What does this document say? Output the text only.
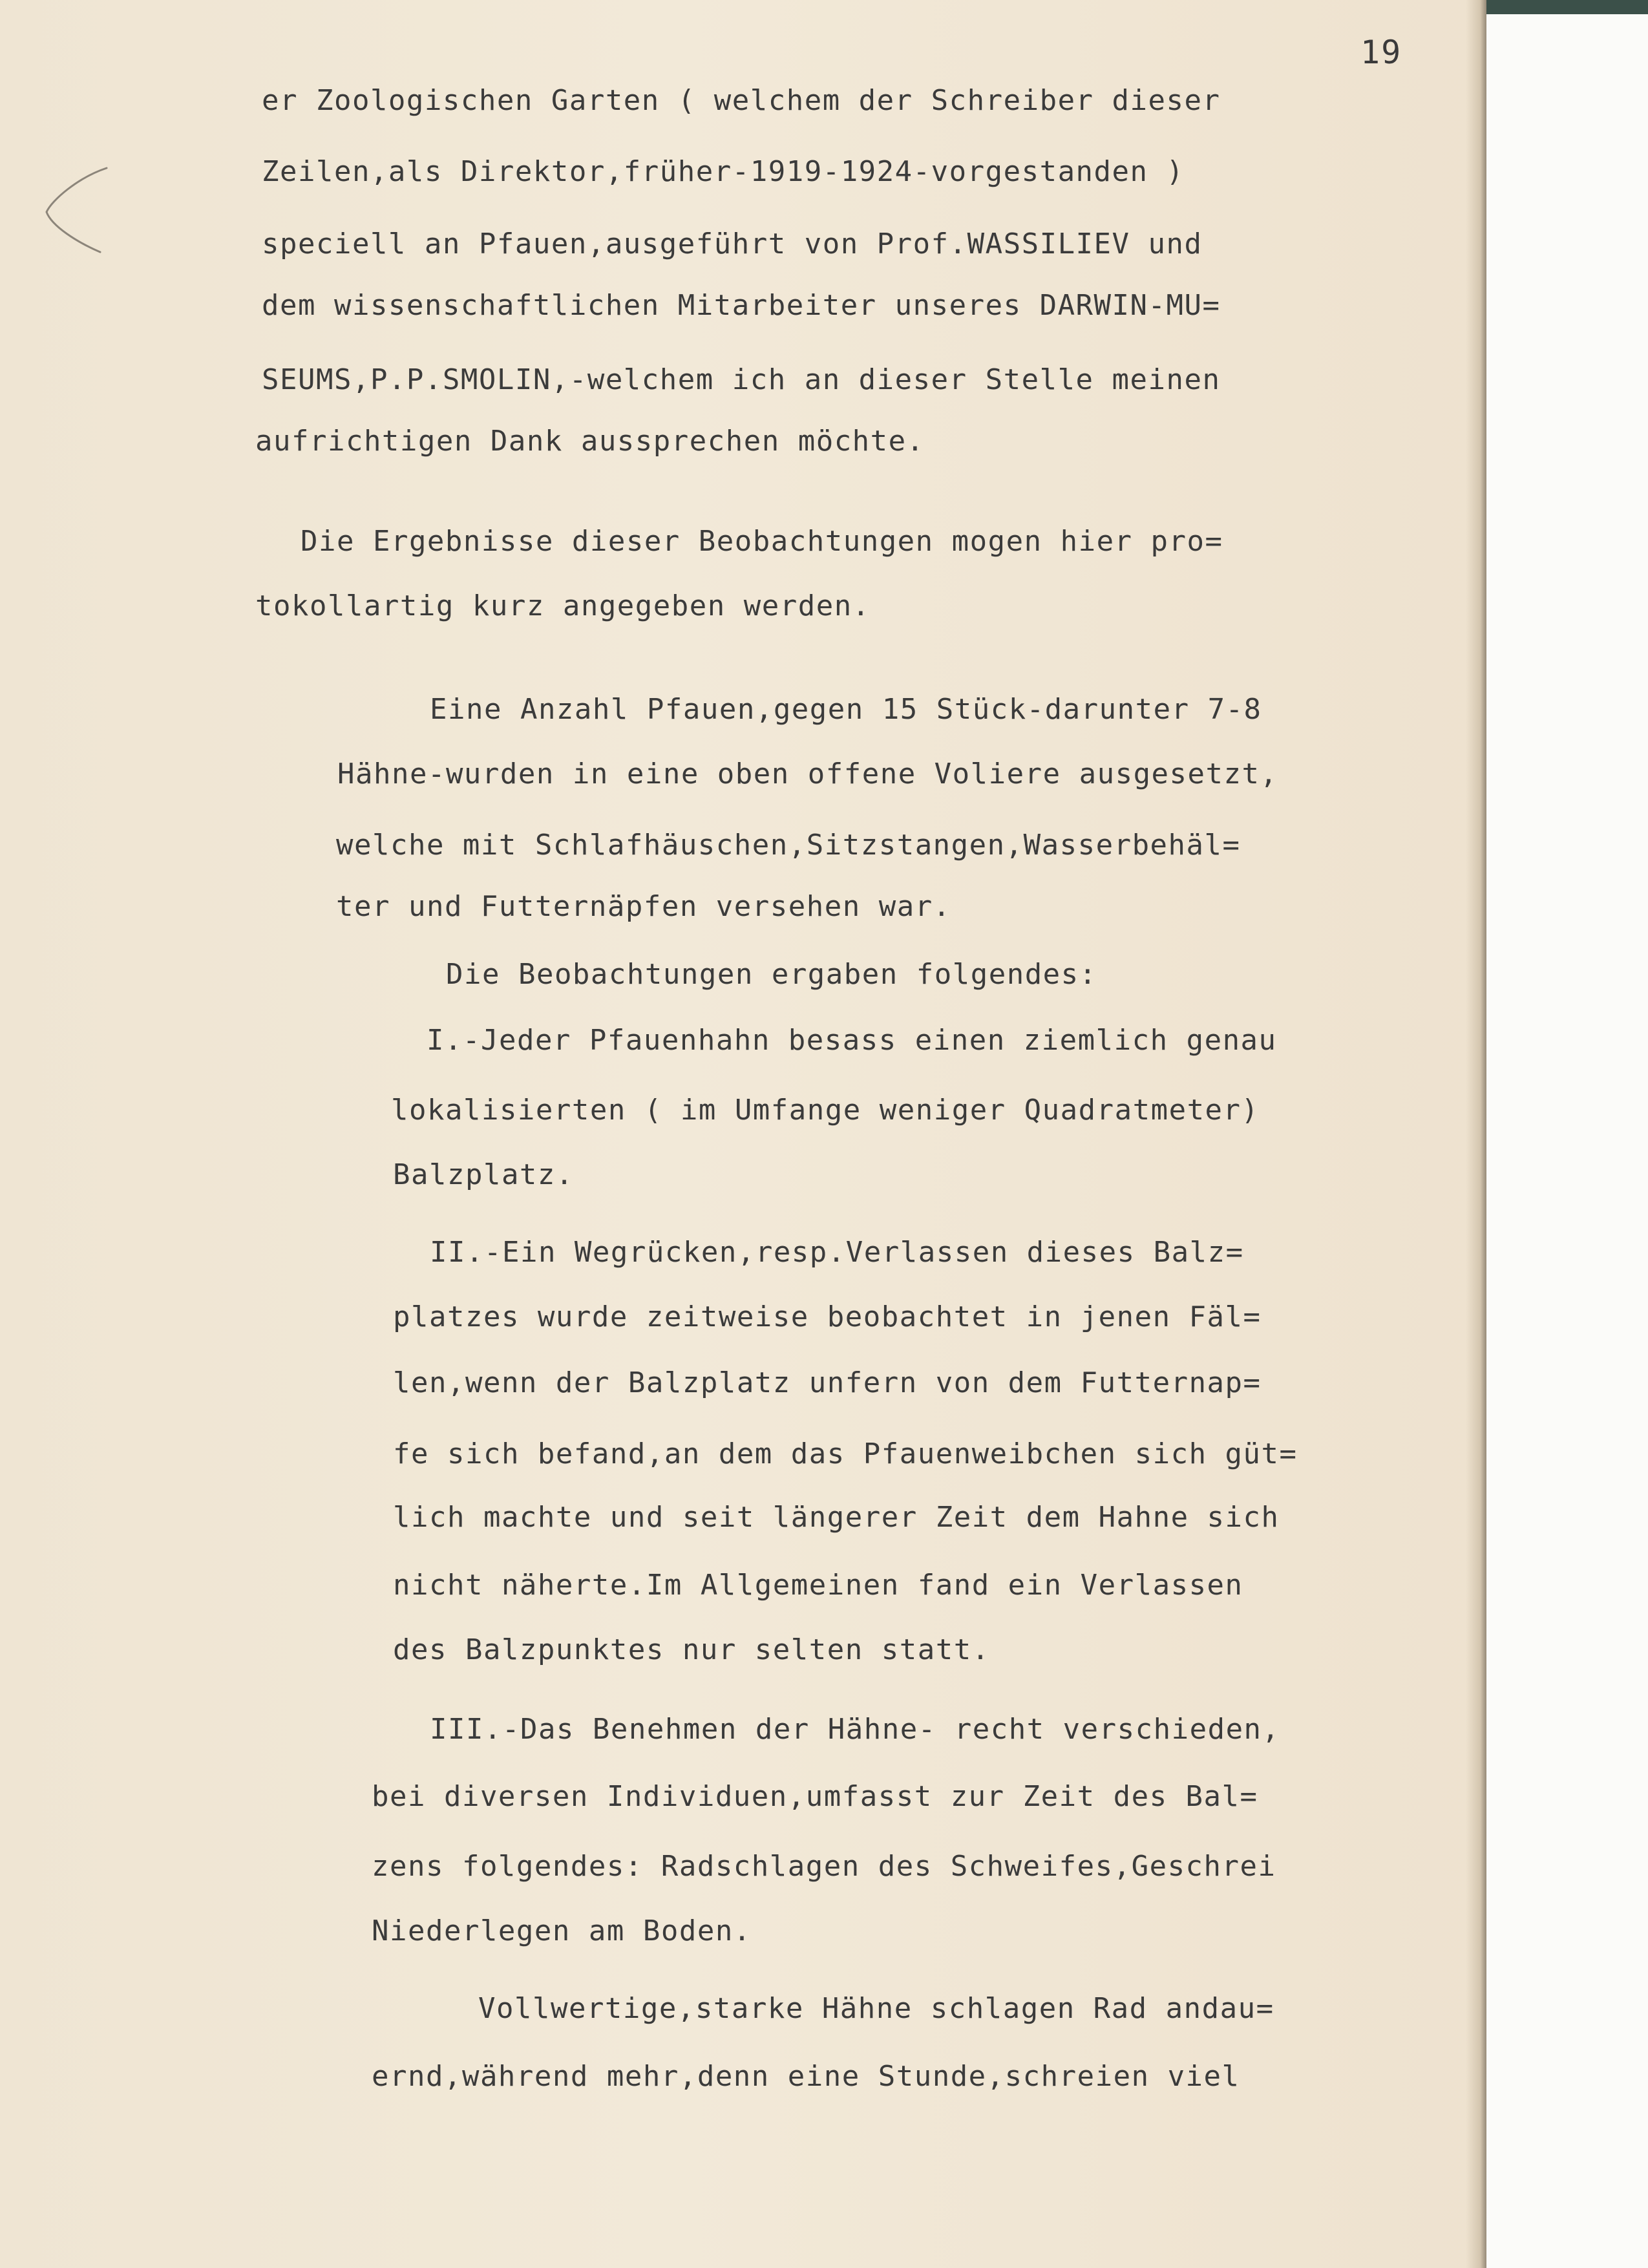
19
er Zoologischen Garten ( welchem der Schreiber dieser
Zeilen,als Direktor,früher-1919-1924-vorgestanden )
speciell an Pfauen,ausgeführt von Prof.WASSILIEV und
dem wissenschaftlichen Mitarbeiter unseres DARWIN-MU=
SEUMS,P.P.SMOLIN,-welchem ich an dieser Stelle meinen
aufrichtigen Dank aussprechen möchte.
Die Ergebnisse dieser Beobachtungen mogen hier pro=
tokollartig kurz angegeben werden.
Eine Anzahl Pfauen,gegen 15 Stück-darunter 7-8
Hähne-wurden in eine oben offene Voliere ausgesetzt,
welche mit Schlafhäuschen,Sitzstangen,Wasserbehäl=
ter und Futternäpfen versehen war.
Die Beobachtungen ergaben folgendes:
I.-Jeder Pfauenhahn besass einen ziemlich genau
lokalisierten ( im Umfange weniger Quadratmeter)
Balzplatz.
II.-Ein Wegrücken,resp.Verlassen dieses Balz=
platzes wurde zeitweise beobachtet in jenen Fäl=
len,wenn der Balzplatz unfern von dem Futternap=
fe sich befand,an dem das Pfauenweibchen sich güt=
lich machte und seit längerer Zeit dem Hahne sich
nicht näherte.Im Allgemeinen fand ein Verlassen
des Balzpunktes nur selten statt.
III.-Das Benehmen der Hähne- recht verschieden,
bei diversen Individuen,umfasst zur Zeit des Bal=
zens folgendes: Radschlagen des Schweifes,Geschrei
Niederlegen am Boden.
Vollwertige,starke Hähne schlagen Rad andau=
ernd,während mehr,denn eine Stunde,schreien viel
